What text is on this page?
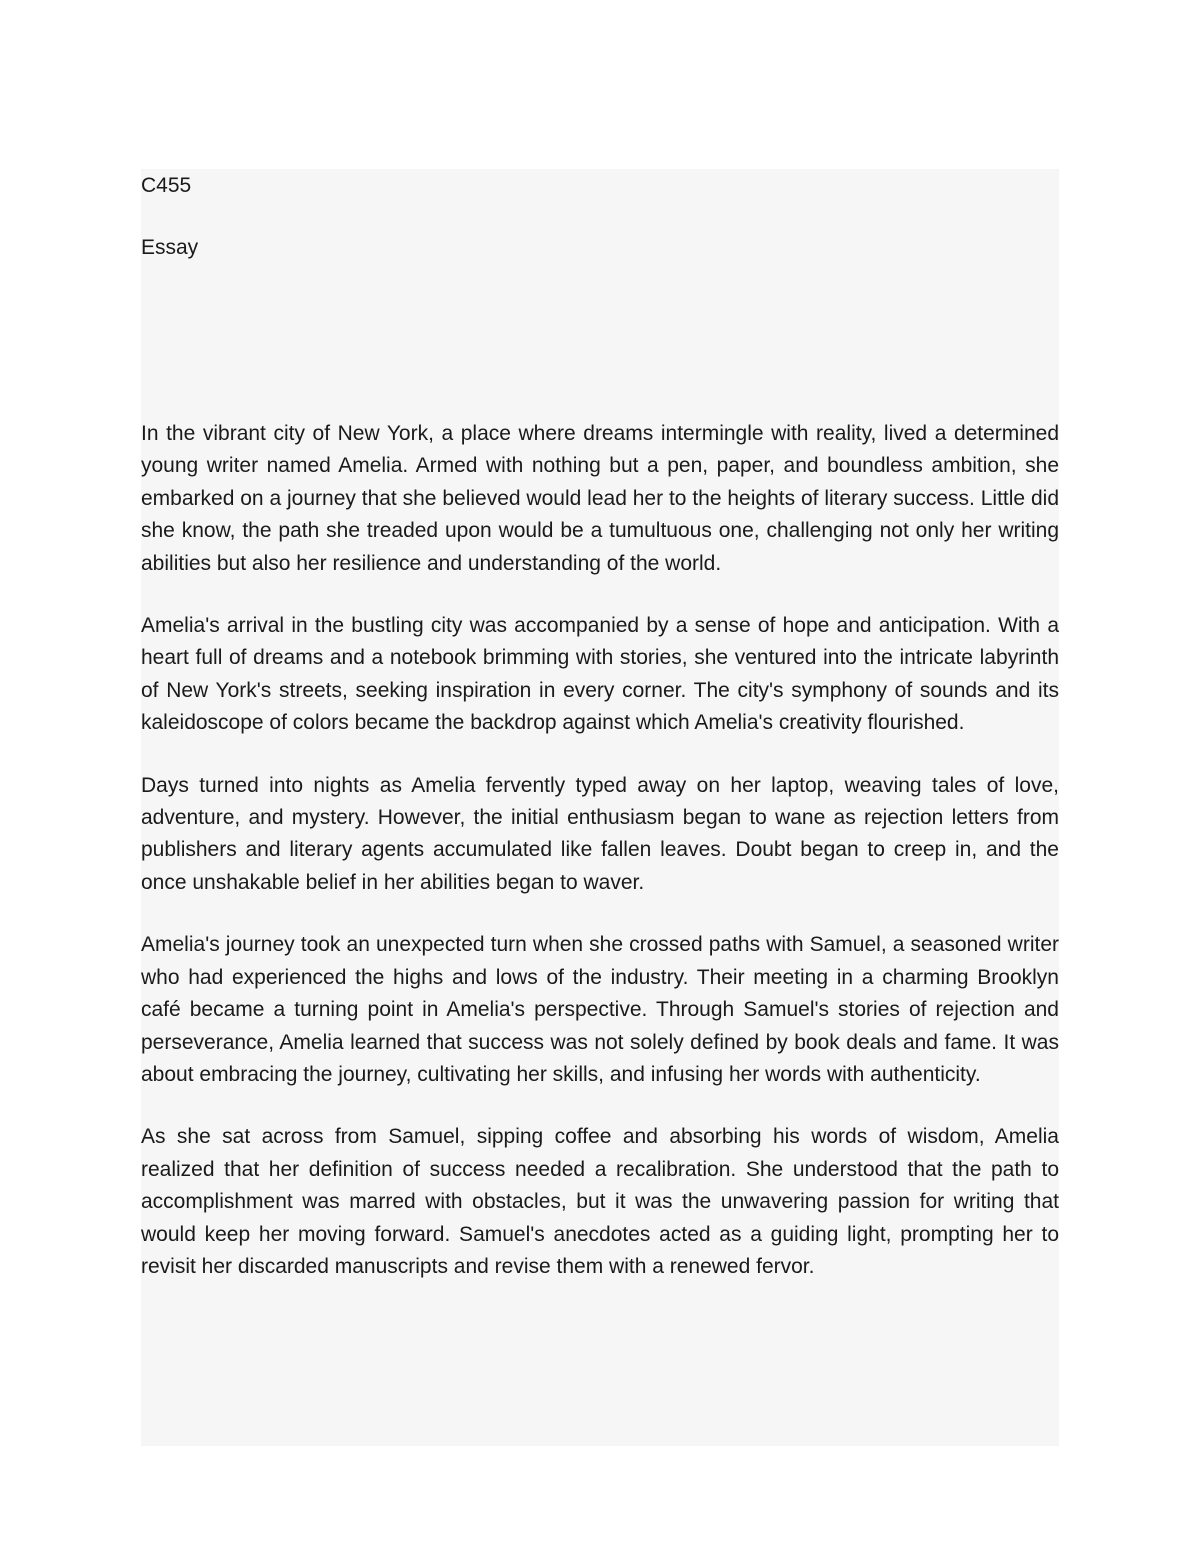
C455

Essay

In the vibrant city of New York, a place where dreams intermingle with reality, lived a determined young writer named Amelia. Armed with nothing but a pen, paper, and boundless ambition, she embarked on a journey that she believed would lead her to the heights of literary success. Little did she know, the path she treaded upon would be a tumultuous one, challenging not only her writing abilities but also her resilience and understanding of the world.

Amelia's arrival in the bustling city was accompanied by a sense of hope and anticipation. With a heart full of dreams and a notebook brimming with stories, she ventured into the intricate labyrinth of New York's streets, seeking inspiration in every corner. The city's symphony of sounds and its kaleidoscope of colors became the backdrop against which Amelia's creativity flourished.

Days turned into nights as Amelia fervently typed away on her laptop, weaving tales of love, adventure, and mystery. However, the initial enthusiasm began to wane as rejection letters from publishers and literary agents accumulated like fallen leaves. Doubt began to creep in, and the once unshakable belief in her abilities began to waver.

Amelia's journey took an unexpected turn when she crossed paths with Samuel, a seasoned writer who had experienced the highs and lows of the industry. Their meeting in a charming Brooklyn café became a turning point in Amelia's perspective. Through Samuel's stories of rejection and perseverance, Amelia learned that success was not solely defined by book deals and fame. It was about embracing the journey, cultivating her skills, and infusing her words with authenticity.

As she sat across from Samuel, sipping coffee and absorbing his words of wisdom, Amelia realized that her definition of success needed a recalibration. She understood that the path to accomplishment was marred with obstacles, but it was the unwavering passion for writing that would keep her moving forward. Samuel's anecdotes acted as a guiding light, prompting her to revisit her discarded manuscripts and revise them with a renewed fervor.
